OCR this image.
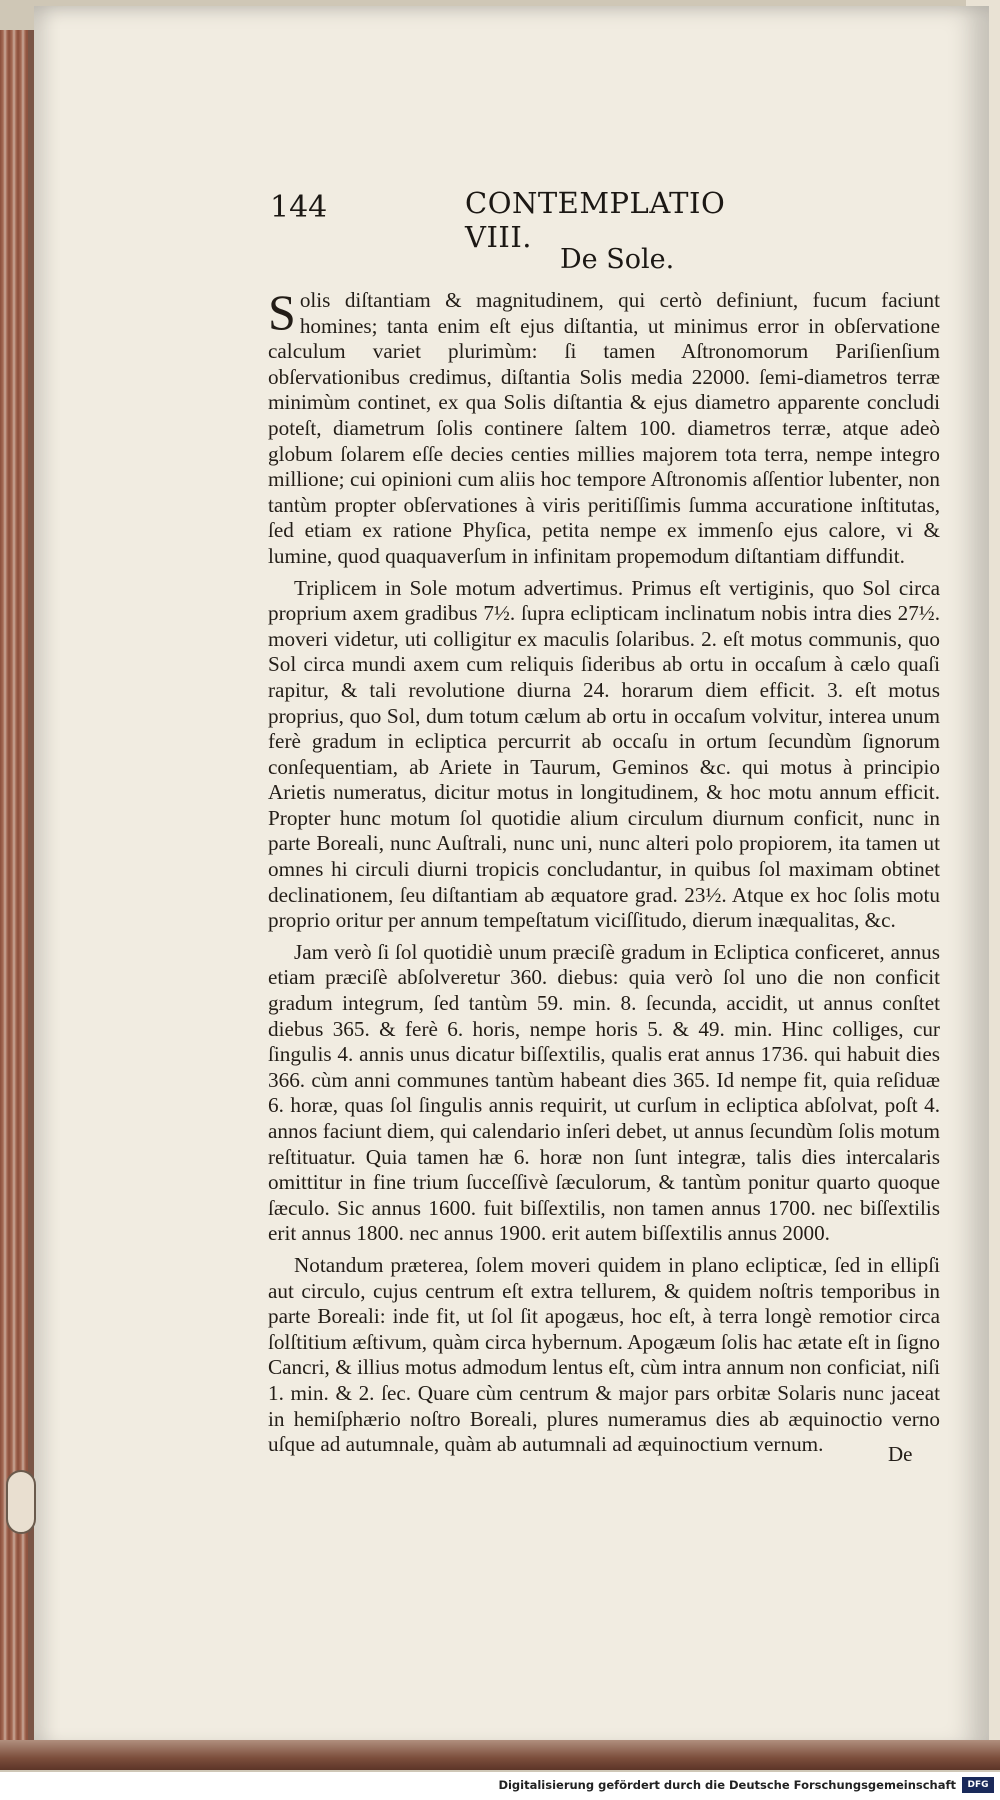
144	CONTEMPLATIO VIII.
De Sole.

Solis diſtantiam & magnitudinem, qui certò definiunt, fucum faciunt homines; tanta enim eſt ejus diſtantia, ut minimus error in obſervatione calculum variet plurimùm: ſi tamen Aſtronomorum Pariſienſium obſervationibus credimus, diſtantia Solis media 22000. ſemi-diametros terræ minimùm continet, ex qua Solis diſtantia & ejus diametro apparente concludi poteſt, diametrum ſolis continere ſaltem 100. diametros terræ, atque adeò globum ſolarem eſſe decies centies millies majorem tota terra, nempe integro millione; cui opinioni cum aliis hoc tempore Aſtronomis aſſentior lubenter, non tantùm propter obſervationes à viris peritiſſimis ſumma accuratione inſtitutas, ſed etiam ex ratione Phyſica, petita nempe ex immenſo ejus calore, vi & lumine, quod quaquaverſum in infinitam propemodum diſtantiam diffundit.

Triplicem in Sole motum advertimus. Primus eſt vertiginis, quo Sol circa proprium axem gradibus 7½. ſupra eclipticam inclinatum nobis intra dies 27½. moveri videtur, uti colligitur ex maculis ſolaribus. 2. eſt motus communis, quo Sol circa mundi axem cum reliquis ſideribus ab ortu in occaſum à cælo quaſi rapitur, & tali revolutione diurna 24. horarum diem efficit. 3. eſt motus proprius, quo Sol, dum totum cælum ab ortu in occaſum volvitur, interea unum ferè gradum in ecliptica percurrit ab occaſu in ortum ſecundùm ſignorum conſequentiam, ab Ariete in Taurum, Geminos &c. qui motus à principio Arietis numeratus, dicitur motus in longitudinem, & hoc motu annum efficit. Propter hunc motum ſol quotidie alium circulum diurnum conficit, nunc in parte Boreali, nunc Auſtrali, nunc uni, nunc alteri polo propiorem, ita tamen ut omnes hi circuli diurni tropicis concludantur, in quibus ſol maximam obtinet declinationem, ſeu diſtantiam ab æquatore grad. 23½. Atque ex hoc ſolis motu proprio oritur per annum tempeſtatum viciſſitudo, dierum inæqualitas, &c.

Jam verò ſi ſol quotidiè unum præciſè gradum in Ecliptica conficeret, annus etiam præciſè abſolveretur 360. diebus: quia verò ſol uno die non conficit gradum integrum, ſed tantùm 59. min. 8. ſecunda, accidit, ut annus conſtet diebus 365. & ferè 6. horis, nempe horis 5. & 49. min. Hinc colliges, cur ſingulis 4. annis unus dicatur biſſextilis, qualis erat annus 1736. qui habuit dies 366. cùm anni communes tantùm habeant dies 365. Id nempe fit, quia reſiduæ 6. horæ, quas ſol ſingulis annis requirit, ut curſum in ecliptica abſolvat, poſt 4. annos faciunt diem, qui calendario inſeri debet, ut annus ſecundùm ſolis motum reſtituatur. Quia tamen hæ 6. horæ non ſunt integræ, talis dies intercalaris omittitur in fine trium ſucceſſivè ſæculorum, & tantùm ponitur quarto quoque ſæculo. Sic annus 1600. fuit biſſextilis, non tamen annus 1700. nec biſſextilis erit annus 1800. nec annus 1900. erit autem biſſextilis annus 2000.

Notandum præterea, ſolem moveri quidem in plano eclipticæ, ſed in ellipſi aut circulo, cujus centrum eſt extra tellurem, & quidem noſtris temporibus in parte Boreali: inde fit, ut ſol ſit apogæus, hoc eſt, à terra longè remotior circa ſolſtitium æſtivum, quàm circa hybernum. Apogæum ſolis hac ætate eſt in ſigno Cancri, & illius motus admodum lentus eſt, cùm intra annum non conficiat, niſi 1. min. & 2. ſec. Quare cùm centrum & major pars orbitæ Solaris nunc jaceat in hemiſphærio noſtro Boreali, plures numeramus dies ab æquinoctio verno uſque ad autumnale, quàm ab autumnali ad æquinoctium vernum.	De
Digitalisierung gefördert durch die Deutsche Forschungsgemeinschaft	DFG
